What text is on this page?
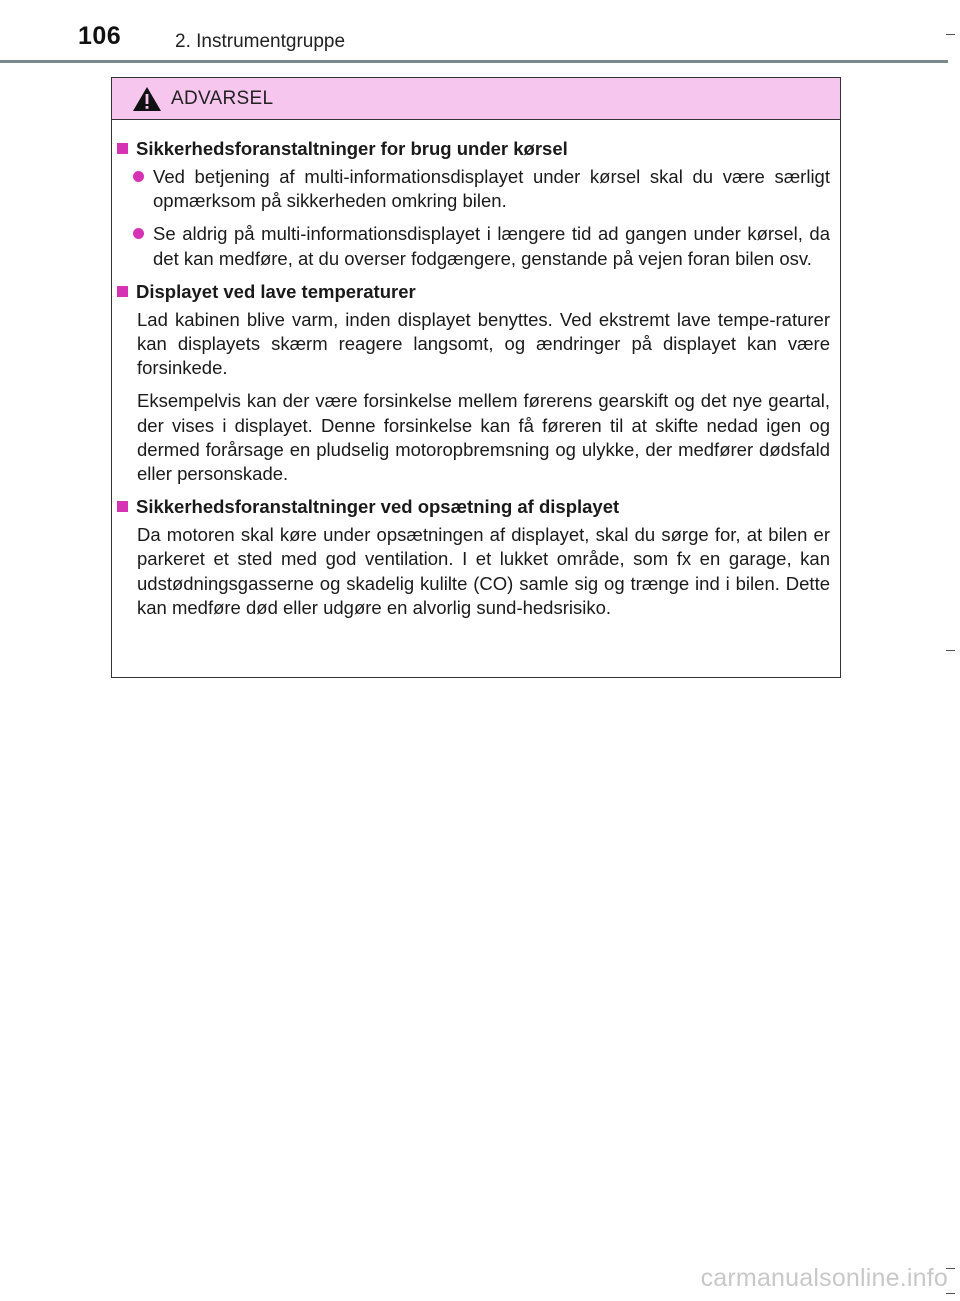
106	2. Instrumentgruppe
ADVARSEL
Sikkerhedsforanstaltninger for brug under kørsel
Ved betjening af multi-informationsdisplayet under kørsel skal du være særligt opmærksom på sikkerheden omkring bilen.
Se aldrig på multi-informationsdisplayet i længere tid ad gangen under kørsel, da det kan medføre, at du overser fodgængere, genstande på vejen foran bilen osv.
Displayet ved lave temperaturer
Lad kabinen blive varm, inden displayet benyttes. Ved ekstremt lave tempe-raturer kan displayets skærm reagere langsomt, og ændringer på displayet kan være forsinkede.
Eksempelvis kan der være forsinkelse mellem førerens gearskift og det nye geartal, der vises i displayet. Denne forsinkelse kan få føreren til at skifte nedad igen og dermed forårsage en pludselig motoropbremsning og ulykke, der medfører dødsfald eller personskade.
Sikkerhedsforanstaltninger ved opsætning af displayet
Da motoren skal køre under opsætningen af displayet, skal du sørge for, at bilen er parkeret et sted med god ventilation. I et lukket område, som fx en garage, kan udstødningsgasserne og skadelig kulilte (CO) samle sig og trænge ind i bilen. Dette kan medføre død eller udgøre en alvorlig sund-hedsrisiko.
carmanualsonline.info
